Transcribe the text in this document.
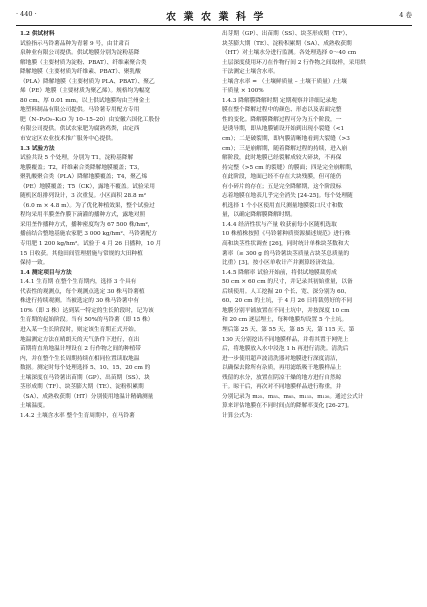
· 440 ·	农 業 农 業 科 学	4 卷
1.2 供试材料
试验指示马铃薯品种为青薯 9 号，由甘肃百
泉种业有限公司提供。供试地膜分别为淀粉基降
解地膜（主要材质为淀粉、PBAT）、纤维素聚合类
降解地膜（主要材质为纤维素、PBAT）、聚乳酸
（PLA）降解地膜（主要材质为 PLA、PBAT）、聚乙
烯（PE）地膜（主要材质为聚乙烯）。规格均为幅宽
80 cm、厚 0.01 mm。以上供试地膜均由兰州金土
地塑料制品有限公司提供。马铃薯专用配方专用
肥（N–P₂O₅–K₂O 为 10–15–20）由安徽六国化工股份
有限公司提供。供试农家肥为腐熟鸡粪，由定西
市安定区农业技术推广服务中心提供。
1.3 试验方法
试验共设 5 个处理，分别为 T1，淀粉基降解
地膜覆盖；T2，纤维素合类降解地膜覆盖；T3，
聚乳酸聚合类（PLA）降解地膜覆盖；T4，聚乙烯
（PE）地膜覆盖；T5（CK），露地不覆盖。试验采用
随机区组排列设计，3 次重复。小区面积 28.8 m²
（6.0 m × 4.8 m）。为了优化种植效果，整个试验过
程均采用半膜垄作膜下滴灌的播种方式，露地对照
采用垄作播种方式，播种密度均为 67 500 株/hm²，
播前结合整地基施农家肥 3 000 kg/hm²、马铃薯配方
专用肥 1 200 kg/hm²。试验于 4 月 26 日播种，10 月
15 日收获。其他田间管理措施与常规的大田种植
保持一致。
1.4 测定项目与方法
1.4.1 生育期 在整个生育期内，选择 3 个具有
代表性的观测点，每个观测点选定 30 株马铃薯植
株进行持续观测。当被选定的 30 株马铃薯中有
10%（即 3 株）达到某一特定的生长阶段时，记为该
生育期的起始阶段。当有 50%的马铃薯（即 15 株）
进入某一生长阶段时，则定该生育期正式开始。
地温测定方法在晴朗天的天气条件下进行，在出
苗期将直角地温计埋设在 2 行作物之间的种植带
内，并在整个生长周期持续在相同位置读取地温
数据。测定时每个处理选择 5、10、15、20 cm 的
土壤深度在马铃薯出苗期（GP）、出苗期（SS）、块
茎形成期（TF）、块茎膨大期（TE）、淀粉积累期
（SA）、成熟收获期（HT）分别使用地温计精确测量
土壤温度。
1.4.2 土壤含水率 整个生育周期中，在马铃薯
出芽期（GP）、出苗期（SS）、块茎形成期（TF）、
块茎膨大期（TE）、淀粉积累期（SA）、成熟收获期
（HT）对土壤水分进行监测。各处理选择 0～40 cm
土层深度使用环刀在作物行间 2 行作物之间取样，采用烘
干法测定土壤含水率。
土壤含水率 = （土壤鲜质量 – 土壤干质量）/土壤
干质量 × 100%
1.4.3 降解膜降解时期 定期观察并详细记录地
膜在整个降解过程中的颜色、形态以及表面完整
性的变化。降解膜降解过程可分为五个阶段，一
是诱导期，即从地膜铺设开始到出现小裂缝（<1
cm）；二是破裂期，即内膜清晰地看到大裂缝（>3
cm）；三是崩解期，随着降解过程的持续，进入崩
解阶段，此时地膜已经裂解成较大碎块，不再保
持完整（>5 cm 的裂缝）的膜面；四是完全崩解期，
在此阶段，地面已经不存在大块残膜，但可能仍
有小碎片的存在；五是完全降解期，这个阶段标
志着地膜在地表几乎完全消失 [24-25]。每个处理随
机选择 1 个小区使用直尺测量地膜裂口尺寸和数
量，以确定降解膜降解时期。
1.4.4 经济性状与产量 收获前每小区随机选取
10 株植株按照《马铃薯种质资源描述规范》进行株
高和块茎性状调查 [26]，同时统计单株块茎数和大
薯率（≥ 300 g 的马铃薯块茎质量占块茎总质量的
比重）[3]。按小区单收计产并测算经济效益。
1.4.5 降解率 试验开始前，将供试地膜裁剪成
50 cm × 60 cm 的尺寸，并记录其初始重量，以备
后续使用。人工挖掘 20 个长、宽、深分别为 60、
60、20 cm 的土坑，于 4 月 26 日将裁剪好的不同
地膜分别平铺放置在不同土坑中，并按深度 10 cm
和 20 cm 逐层埋土，每种地膜均设置 5 个土坑。
埋后第 25 天、第 55 天、第 85 天、第 115 天、第
130 天分别挖出不同地膜样品，并将其置于网兜上
后，将地膜放入水中浸泡 1 h 再进行清洗。清洗后
进一步使用超声波清洗器对地膜进行深度清洁，
以确保去除所有杂质，再用滤纸吸干地膜样品上
残留的水分，放置在阴凉干燥的地方进行自然晾
干。晾干后，再次对不同地膜样品进行称重，并
分别记录为 m₂₅、m₅₅、m₈₅、m₁₁₅、m₁₃₀。通过公式计
算来评估地膜在不同时间点的降解率变化 [26-27]。
计算公式为：
